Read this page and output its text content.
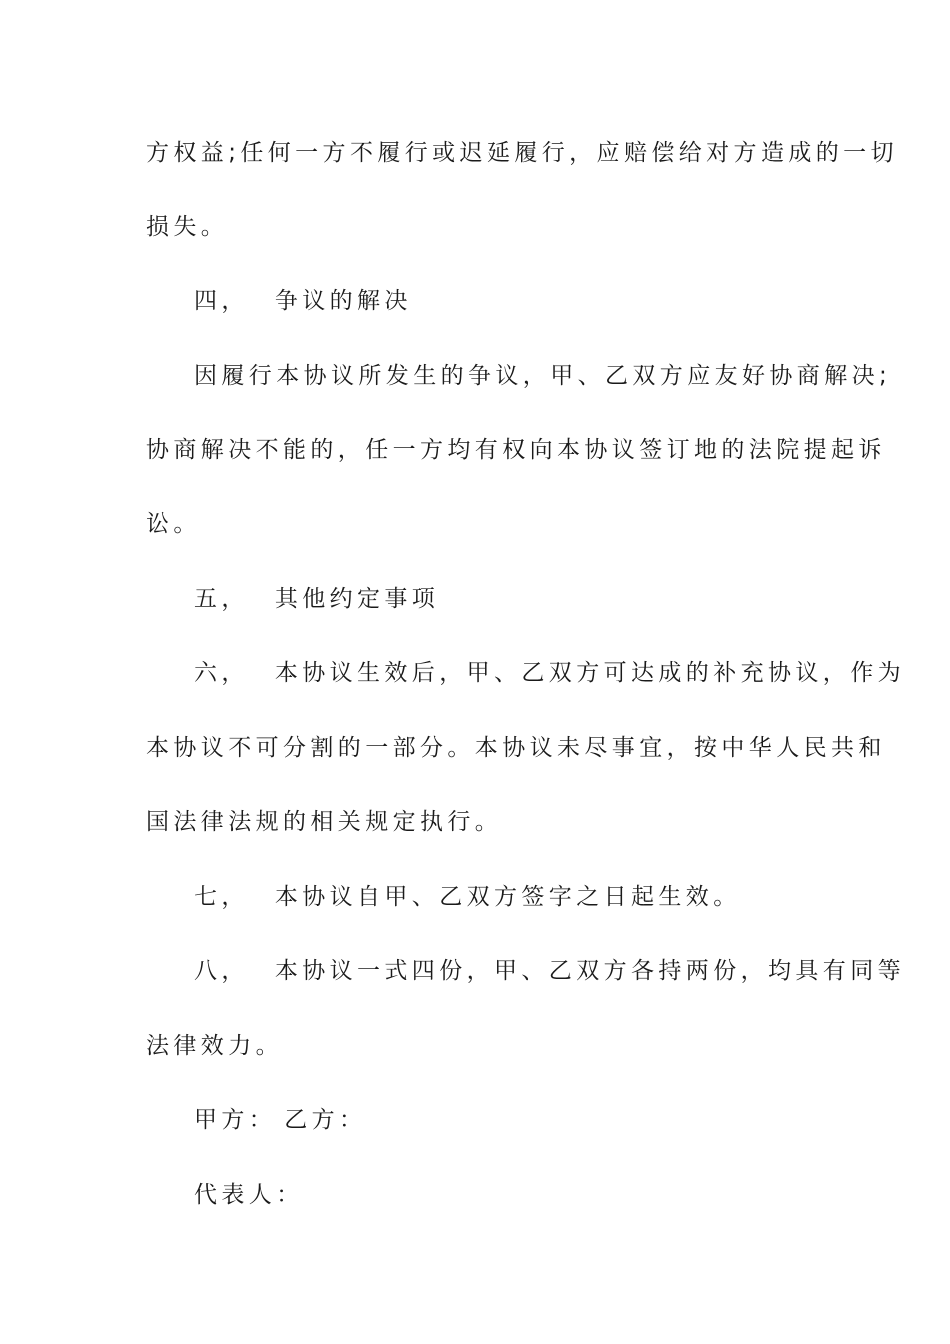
方权益;任何一方不履行或迟延履行，应赔偿给对方造成的一切
损失。
四， 争议的解决
因履行本协议所发生的争议，甲、乙双方应友好协商解决;
协商解决不能的，任一方均有权向本协议签订地的法院提起诉
讼。
五， 其他约定事项
六， 本协议生效后，甲、乙双方可达成的补充协议，作为
本协议不可分割的一部分。本协议未尽事宜，按中华人民共和
国法律法规的相关规定执行。
七， 本协议自甲、乙双方签字之日起生效。
八， 本协议一式四份，甲、乙双方各持两份，均具有同等
法律效力。
甲方： 乙方：
代表人：
